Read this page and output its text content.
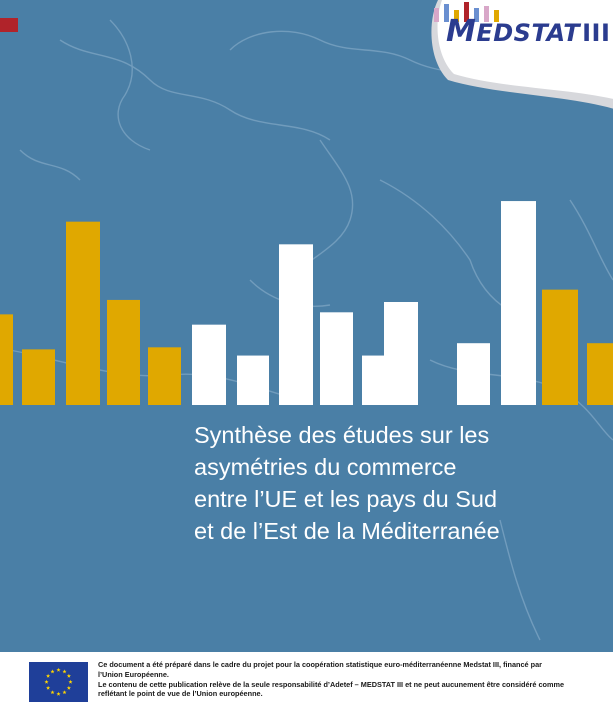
MEDSTATIII
Synthèse des études sur les
asymétries du commerce
entre l’UE et les pays du Sud
et de l’Est de la Méditerranée

Ce document a été préparé dans le cadre du projet pour la coopération statistique euro-méditerranéenne Medstat III, financé par l’Union Européenne.

Le contenu de cette publication relève de la seule responsabilité d’Adetef – MEDSTAT III et ne peut aucunement être considéré comme reflétant le point de vue de l’Union européenne.
